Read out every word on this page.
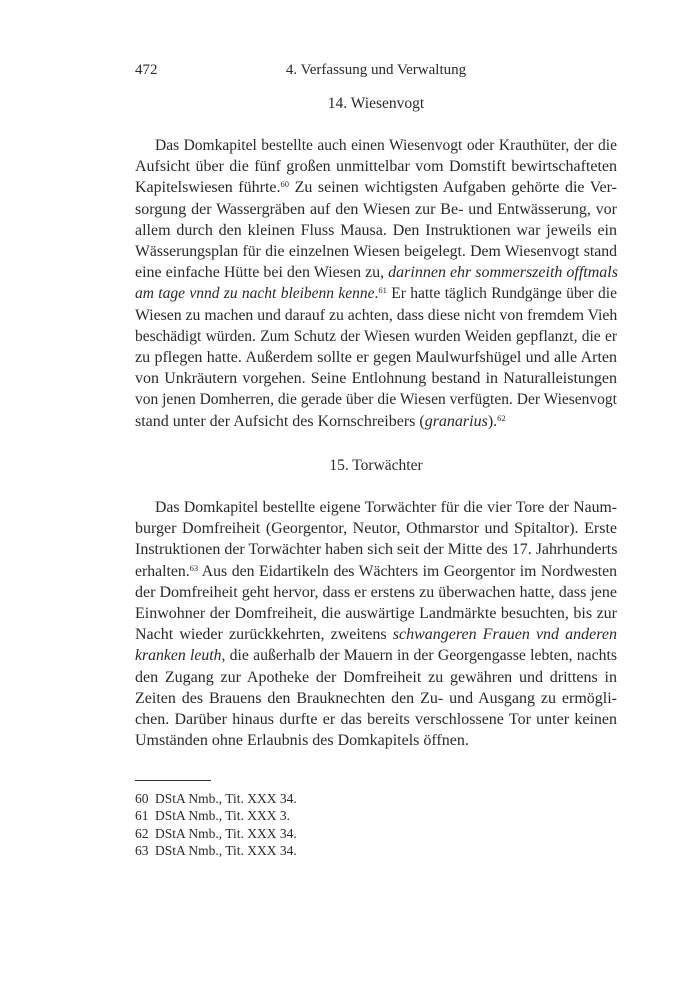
472	4. Verfassung und Verwaltung
14. Wiesenvogt
Das Domkapitel bestellte auch einen Wiesenvogt oder Krauthüter, der die
Aufsicht über die fünf großen unmittelbar vom Domstift bewirtschafteten
Kapitelswiesen führte.$^{60}$ Zu seinen wichtigsten Aufgaben gehörte die Ver-
sorgung der Wassergräben auf den Wiesen zur Be- und Entwässerung, vor
allem durch den kleinen Fluss Mausa. Den Instruktionen war jeweils ein
Wässerungsplan für die einzelnen Wiesen beigelegt. Dem Wiesenvogt stand
eine einfache Hütte bei den Wiesen zu, darinnen ehr sommerszeith offtmals
am tage vnnd zu nacht bleibenn kenne.$^{61}$ Er hatte täglich Rundgänge über die
Wiesen zu machen und darauf zu achten, dass diese nicht von fremdem Vieh
beschädigt würden. Zum Schutz der Wiesen wurden Weiden gepflanzt, die er
zu pflegen hatte. Außerdem sollte er gegen Maulwurfshügel und alle Arten
von Unkräutern vorgehen. Seine Entlohnung bestand in Naturalleistungen
von jenen Domherren, die gerade über die Wiesen verfügten. Der Wiesenvogt
stand unter der Aufsicht des Kornschreibers (granarius).$^{62}$
15. Torwächter
Das Domkapitel bestellte eigene Torwächter für die vier Tore der Naum-
burger Domfreiheit (Georgentor, Neutor, Othmarstor und Spitaltor). Erste
Instruktionen der Torwächter haben sich seit der Mitte des 17. Jahrhunderts
erhalten.$^{63}$ Aus den Eidartikeln des Wächters im Georgentor im Nordwesten
der Domfreiheit geht hervor, dass er erstens zu überwachen hatte, dass jene
Einwohner der Domfreiheit, die auswärtige Landmärkte besuchten, bis zur
Nacht wieder zurückkehrten, zweitens schwangeren Frauen vnd anderen
kranken leuth, die außerhalb der Mauern in der Georgengasse lebten, nachts
den Zugang zur Apotheke der Domfreiheit zu gewähren und drittens in
Zeiten des Brauens den Brauknechten den Zu- und Ausgang zu ermögli-
chen. Darüber hinaus durfte er das bereits verschlossene Tor unter keinen
Umständen ohne Erlaubnis des Domkapitels öffnen.
60 DStA Nmb., Tit. XXX 34.
61 DStA Nmb., Tit. XXX 3.
62 DStA Nmb., Tit. XXX 34.
63 DStA Nmb., Tit. XXX 34.
